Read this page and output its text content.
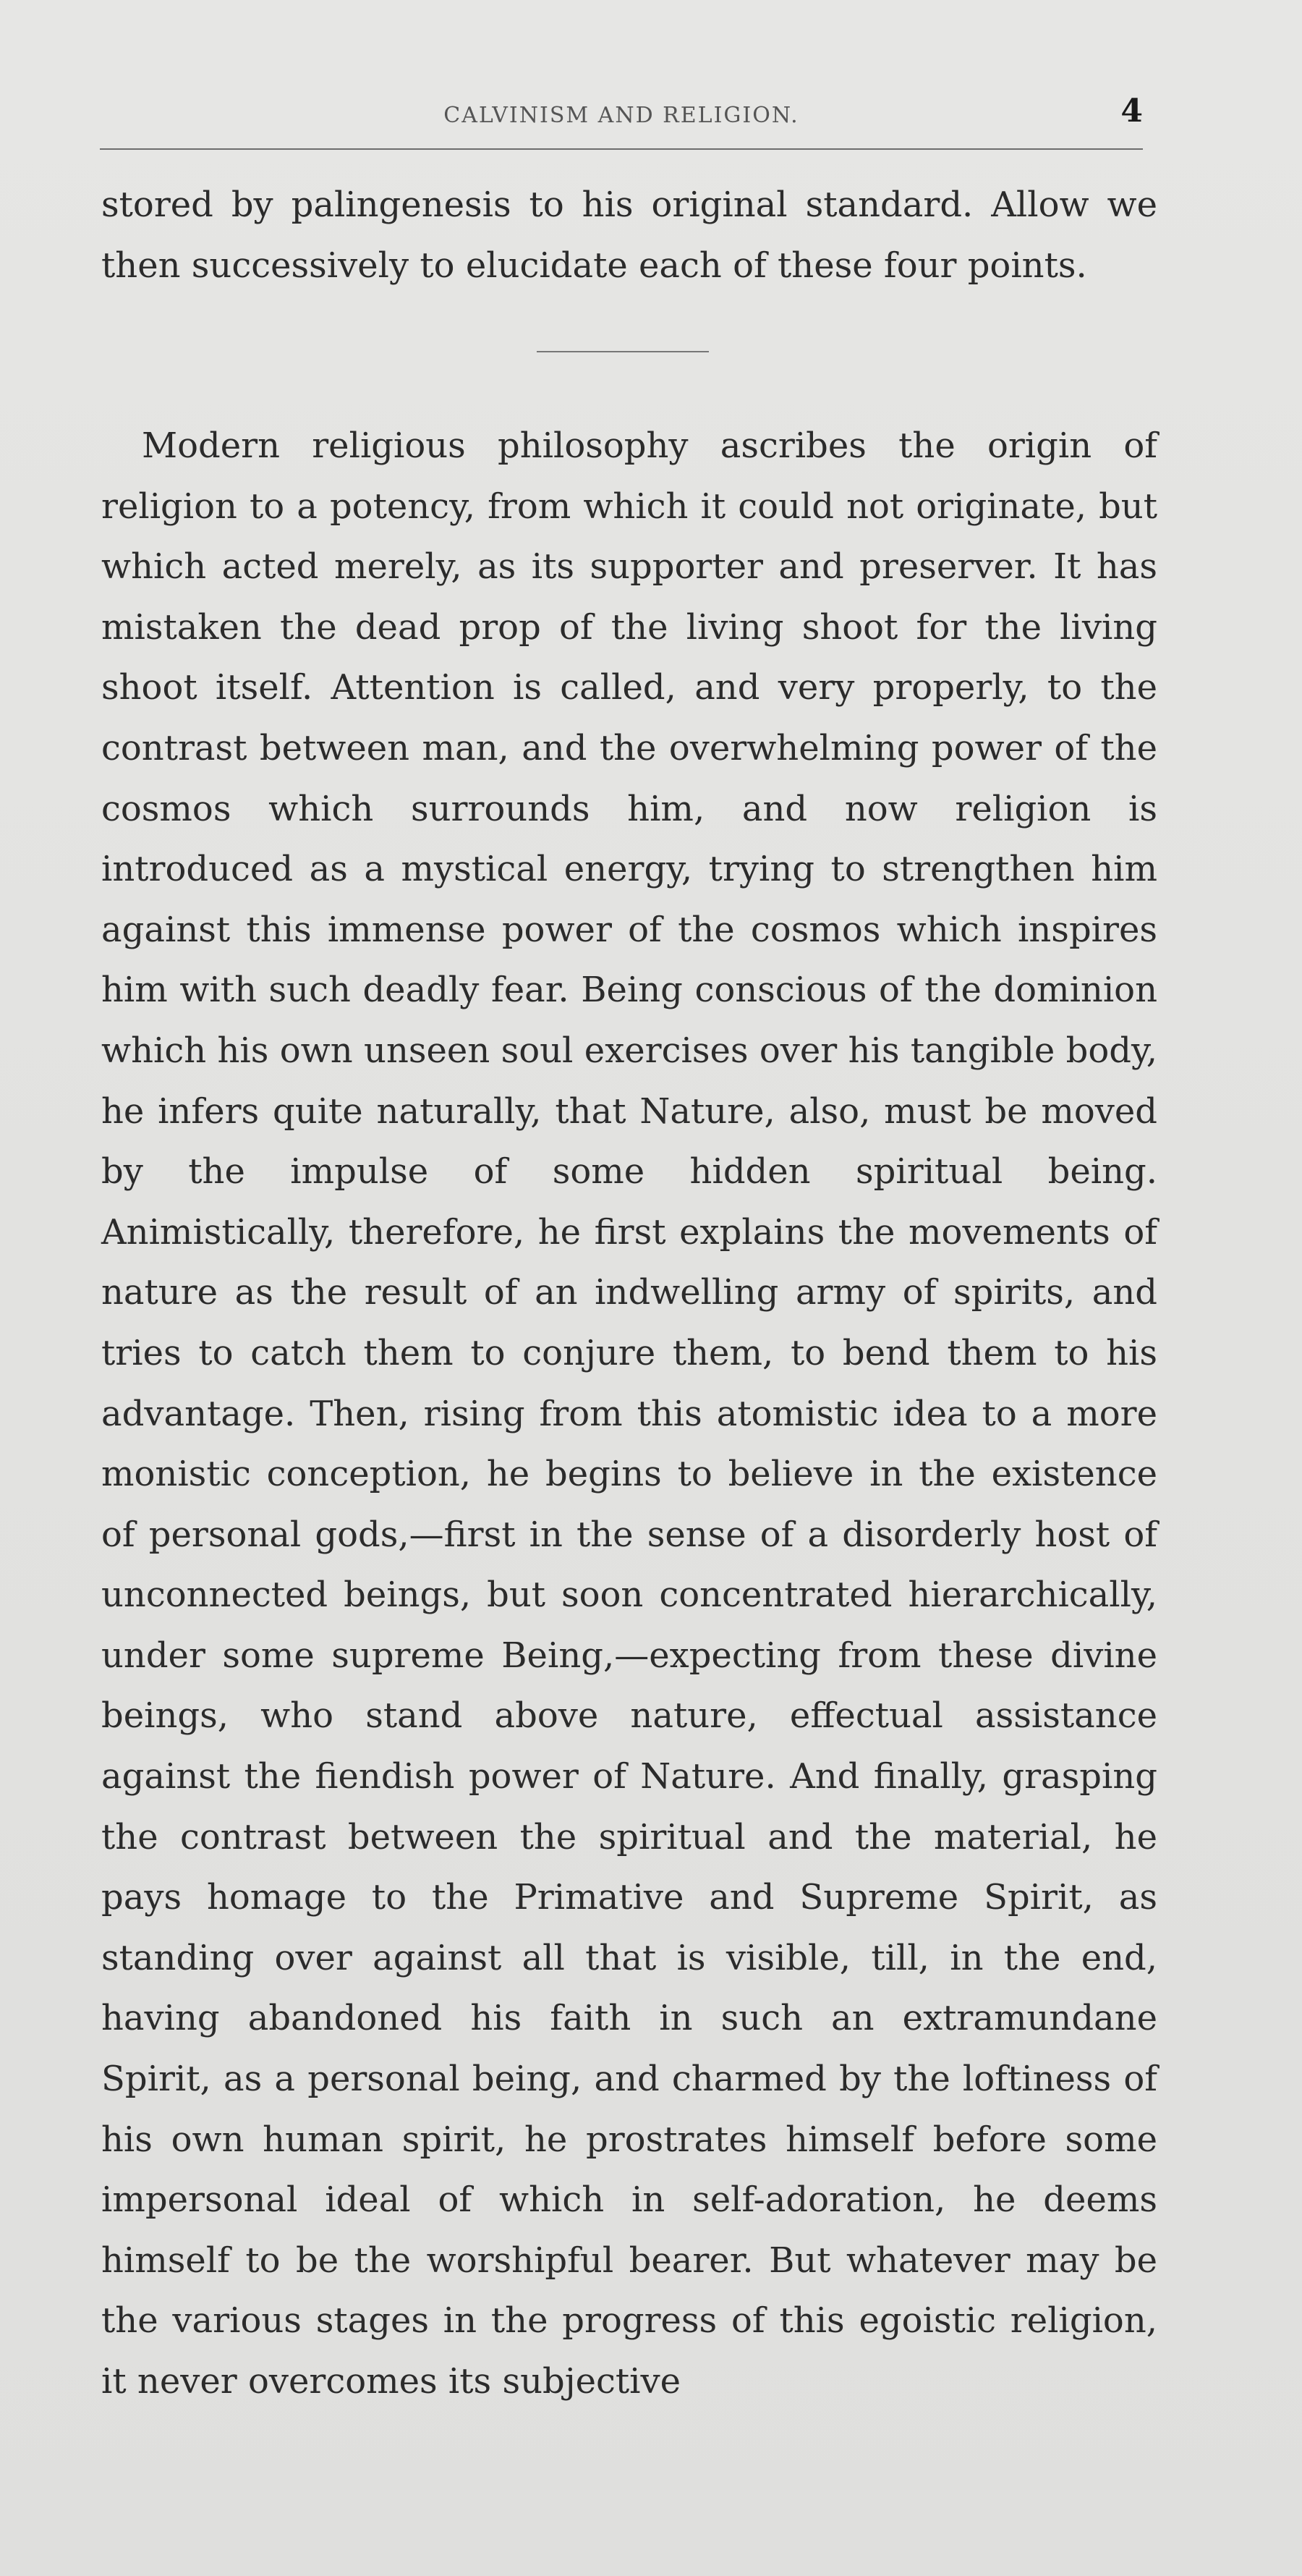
CALVINISM AND RELIGION.	4

stored by palingenesis to his original standard. Allow we then successively to elucidate each of these four points.

Modern religious philosophy ascribes the origin of religion to a potency, from which it could not originate, but which acted merely, as its supporter and preserver. It has mistaken the dead prop of the living shoot for the living shoot itself. Attention is called, and very properly, to the contrast between man, and the overwhelming power of the cosmos which surrounds him, and now religion is introduced as a mystical energy, trying to strengthen him against this immense power of the cosmos which inspires him with such deadly fear. Being conscious of the dominion which his own unseen soul exercises over his tangible body, he infers quite naturally, that Nature, also, must be moved by the impulse of some hidden spiritual being. Animistically, therefore, he first explains the movements of nature as the result of an indwelling army of spirits, and tries to catch them to conjure them, to bend them to his advantage. Then, rising from this atomistic idea to a more monistic conception, he begins to believe in the existence of personal gods,—first in the sense of a disorderly host of unconnected beings, but soon concentrated hierarchically, under some supreme Being,—expecting from these divine beings, who stand above nature, effectual assistance against the fiendish power of Nature. And finally, grasping the contrast between the spiritual and the material, he pays homage to the Primative and Supreme Spirit, as standing over against all that is visible, till, in the end, having abandoned his faith in such an extramundane Spirit, as a personal being, and charmed by the loftiness of his own human spirit, he prostrates himself before some impersonal ideal of which in self-adoration, he deems himself to be the worshipful bearer. But whatever may be the various stages in the progress of this egoistic religion, it never overcomes its subjective
